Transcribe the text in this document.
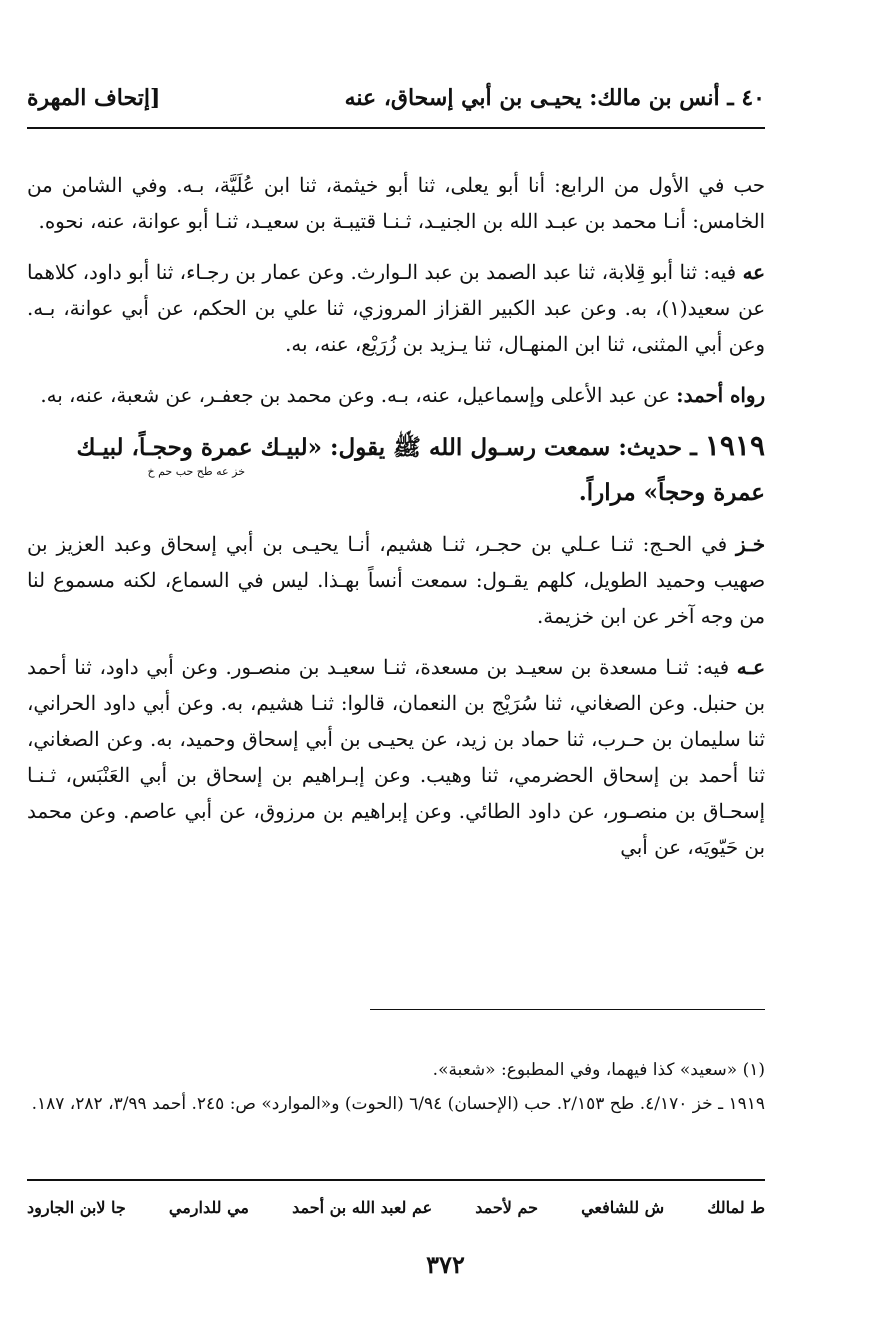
٤٠ ـ أنس بن مالك: يحيـى بن أبي إسحاق، عنه
[إتحاف المهرة

حب في الأول من الرابع: أنا أبو يعلى، ثنا أبو خيثمة، ثنا ابن عُلَيَّة، بـه. وفي الشامن من الخامس: أنـا محمد بن عبـد الله بن الجنيـد، ثـنـا قتيبـة بن سعيـد، ثنـا أبو عوانة، عنه، نحوه.

عه فيه: ثنا أبو قِلابة، ثنا عبد الصمد بن عبد الـوارث. وعن عمار بن رجـاء، ثنا أبو داود، كلاهما عن سعيد(١)، به. وعن عبد الكبير القزاز المروزي، ثنا علي بن الحكم، عن أبي عوانة، بـه. وعن أبي المثنى، ثنا ابن المنهـال، ثنا يـزيد بن زُرَيْع، عنه، به.

رواه أحمد: عن عبد الأعلى وإسماعيل، عنه، بـه. وعن محمد بن جعفـر، عن شعبة، عنه، به.

١٩١٩ ـ حديث: سمعت رسـول الله ﷺ يقول: «لبيـك عمرة وحجـاً، لبيـك

خز عه طح حب حم خ

عمرة وحجاً» مراراً.

خـز في الحـج: ثنـا عـلي بن حجـر، ثنـا هشيم، أنـا يحيـى بن أبي إسحاق وعبد العزيز بن صهيب وحميد الطويل، كلهم يقـول: سمعت أنساً بهـذا. ليس في السماع، لكنه مسموع لنا من وجه آخر عن ابن خزيمة.

عـه فيه: ثنـا مسعدة بن سعيـد بن مسعدة، ثنـا سعيـد بن منصـور. وعن أبي داود، ثنا أحمد بن حنبل. وعن الصغاني، ثنا سُرَيْج بن النعمان، قالوا: ثنـا هشيم، به. وعن أبي داود الحراني، ثنا سليمان بن حـرب، ثنا حماد بن زيد، عن يحيـى بن أبي إسحاق وحميد، به. وعن الصغاني، ثنا أحمد بن إسحاق الحضرمي، ثنا وهيب. وعن إبـراهيم بن إسحاق بن أبي العَنْبَس، ثـنـا إسحـاق بن منصـور، عن داود الطائي. وعن إبراهيم بن مرزوق، عن أبي عاصم. وعن محمد بن حَيّويَه، عن أبي

(١) «سعيد» كذا فيهما، وفي المطبوع: «شعبة».

١٩١٩ ـ خز ٤/١٧٠. طح ٢/١٥٣. حب (الإحسان) ٦/٩٤ (الحوت) و«الموارد» ص: ٢٤٥. أحمد ٣/٩٩، ٢٨٢، ١٨٧.

ط لمالك
ش للشافعي
حم لأحمد
عم لعبد الله بن أحمد
مي للدارمي
جا لابن الجارود
٣٧٢
